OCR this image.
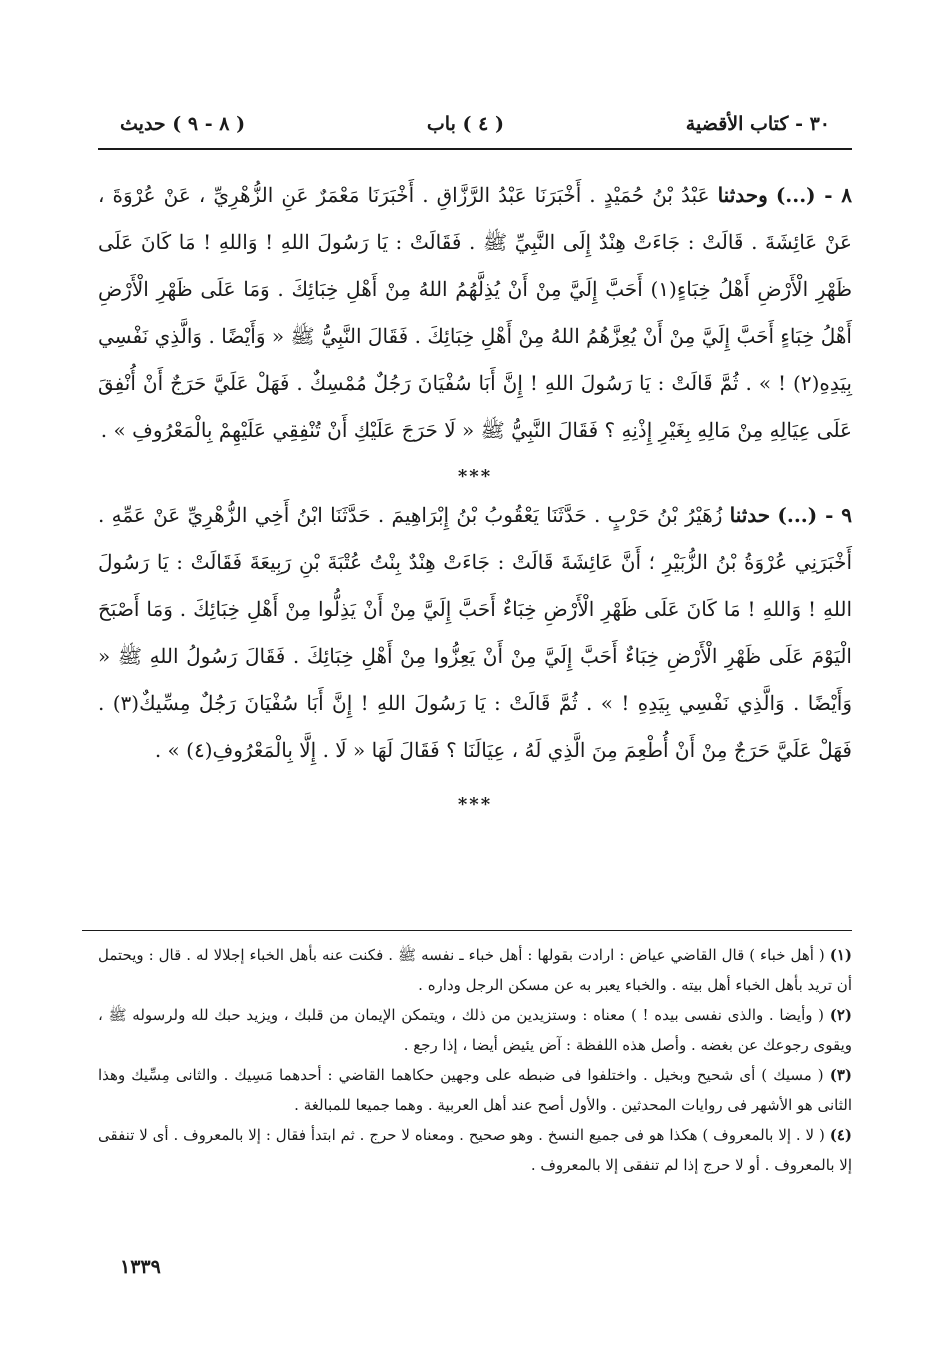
٣٠ - كتاب الأقضية
( ٤ ) باب
( ٨ - ٩ ) حديث
٨ - (...) وحدثنا عَبْدُ بْنُ حُمَيْدٍ . أَخْبَرَنَا عَبْدُ الرَّزَّاقِ . أَخْبَرَنَا مَعْمَرٌ عَنِ الزُّهْرِيِّ ، عَنْ عُرْوَةَ ، عَنْ عَائِشَةَ . قَالَتْ : جَاءَتْ هِنْدٌ إِلَى النَّبِيِّ ﷺ . فَقَالَتْ : يَا رَسُولَ اللهِ ! وَاللهِ ! مَا كَانَ عَلَى ظَهْرِ الْأَرْضِ أَهْلُ خِبَاءٍ(١) أَحَبَّ إِلَيَّ مِنْ أَنْ يُذِلَّهُمُ اللهُ مِنْ أَهْلِ خِبَائِكَ . وَمَا عَلَى ظَهْرِ الْأَرْضِ أَهْلُ خِبَاءٍ أَحَبَّ إِلَيَّ مِنْ أَنْ يُعِزَّهُمُ اللهُ مِنْ أَهْلِ خِبَائِكَ . فَقَالَ النَّبِيُّ ﷺ « وَأَيْضًا . وَالَّذِي نَفْسِي بِيَدِهِ(٢) ! » . ثُمَّ قَالَتْ : يَا رَسُولَ اللهِ ! إِنَّ أَبَا سُفْيَانَ رَجُلٌ مُمْسِكٌ . فَهَلْ عَلَيَّ حَرَجٌ أَنْ أُنْفِقَ عَلَى عِيَالِهِ مِنْ مَالِهِ بِغَيْرِ إِذْنِهِ ؟ فَقَالَ النَّبِيُّ ﷺ « لَا حَرَجَ عَلَيْكِ أَنْ تُنْفِقِي عَلَيْهِمْ بِالْمَعْرُوفِ » .
***
٩ - (...) حدثنا زُهَيْرُ بْنُ حَرْبٍ . حَدَّثَنَا يَعْقُوبُ بْنُ إِبْرَاهِيمَ . حَدَّثَنَا ابْنُ أَخِي الزُّهْرِيِّ عَنْ عَمِّهِ . أَخْبَرَنِي عُرْوَةُ بْنُ الزُّبَيْرِ ؛ أَنَّ عَائِشَةَ قَالَتْ : جَاءَتْ هِنْدٌ بِنْتُ عُتْبَةَ بْنِ رَبِيعَةَ فَقَالَتْ : يَا رَسُولَ اللهِ ! وَاللهِ ! مَا كَانَ عَلَى ظَهْرِ الْأَرْضِ خِبَاءٌ أَحَبَّ إِلَيَّ مِنْ أَنْ يَذِلُّوا مِنْ أَهْلِ خِبَائِكَ . وَمَا أَصْبَحَ الْيَوْمَ عَلَى ظَهْرِ الْأَرْضِ خِبَاءٌ أَحَبَّ إِلَيَّ مِنْ أَنْ يَعِزُّوا مِنْ أَهْلِ خِبَائِكَ . فَقَالَ رَسُولُ اللهِ ﷺ « وَأَيْضًا . وَالَّذِي نَفْسِي بِيَدِهِ ! » . ثُمَّ قَالَتْ : يَا رَسُولَ اللهِ ! إِنَّ أَبَا سُفْيَانَ رَجُلٌ مِسِّيكٌ(٣) . فَهَلْ عَلَيَّ حَرَجٌ مِنْ أَنْ أُطْعِمَ مِنَ الَّذِي لَهُ ، عِيَالَنَا ؟ فَقَالَ لَهَا « لَا . إِلَّا بِالْمَعْرُوفِ(٤) » .
***

(١) ( أهل خباء ) قال القاضي عياض : ارادت بقولها : أهل خباء ـ نفسه ﷺ . فكنت عنه بأهل الخباء إجلالا له . قال : ويحتمل أن تريد بأهل الخباء أهل بيته . والخباء يعبر به عن مسكن الرجل وداره .

(٢) ( وأيضا . والذى نفسى بيده ! ) معناه : وستزيدين من ذلك ، ويتمكن الإيمان من قلبك ، ويزيد حبك لله ولرسوله ﷺ ، ويقوى رجوعك عن بغضه . وأصل هذه اللفظة : آض يئيض أيضا ، إذا رجع .

(٣) ( مسيك ) أى شحيح وبخيل . واختلفوا فى ضبطه على وجهين حكاهما القاضي : أحدهما مَسِيك . والثانى مِسِّيك وهذا الثانى هو الأشهر فى روايات المحدثين . والأول أصح عند أهل العربية . وهما جميعا للمبالغة .

(٤) ( لا . إلا بالمعروف ) هكذا هو فى جميع النسخ . وهو صحيح . ومعناه لا حرج . ثم ابتدأ فقال : إلا بالمعروف . أى لا تنفقى إلا بالمعروف . أو لا حرج إذا لم تنفقى إلا بالمعروف .

١٣٣٩
